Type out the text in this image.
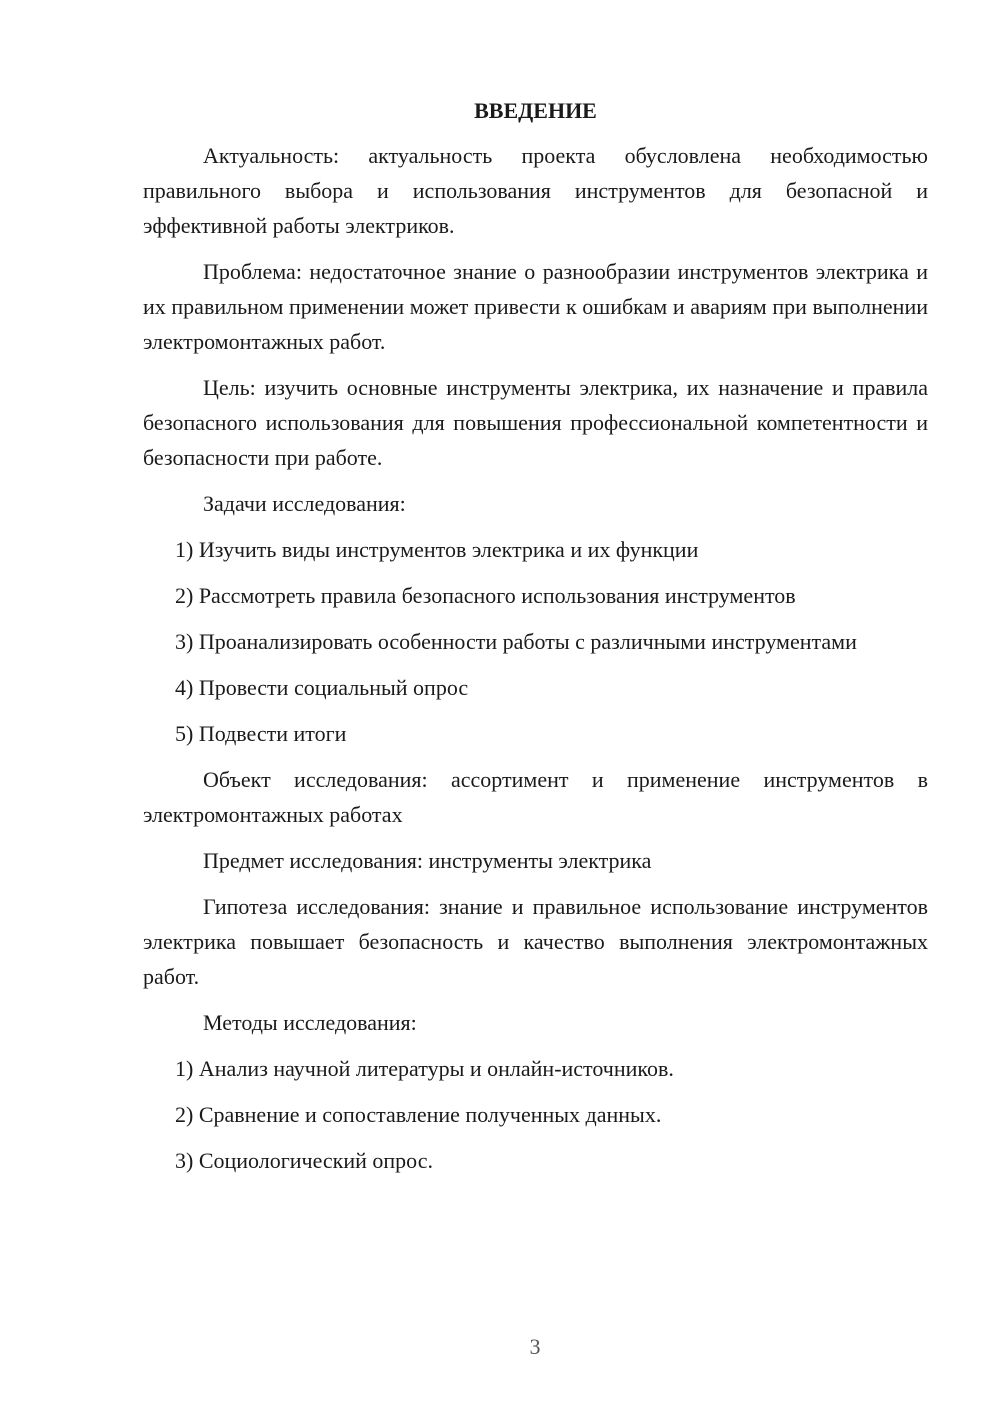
ВВЕДЕНИЕ

Актуальность: актуальность проекта обусловлена необходимостью правильного выбора и использования инструментов для безопасной и эффективной работы электриков.

Проблема: недостаточное знание о разнообразии инструментов электрика и их правильном применении может привести к ошибкам и авариям при выполнении электромонтажных работ.

Цель: изучить основные инструменты электрика, их назначение и правила безопасного использования для повышения профессиональной компетентности и безопасности при работе.

Задачи исследования:

1) Изучить виды инструментов электрика и их функции

2) Рассмотреть правила безопасного использования инструментов

3) Проанализировать особенности работы с различными инструментами

4) Провести социальный опрос

5) Подвести итоги

Объект исследования: ассортимент и применение инструментов в электромонтажных работах

Предмет исследования: инструменты электрика

Гипотеза исследования: знание и правильное использование инструментов электрика повышает безопасность и качество выполнения электромонтажных работ.

Методы исследования:

1) Анализ научной литературы и онлайн-источников.

2) Сравнение и сопоставление полученных данных.

3) Социологический опрос.

3
